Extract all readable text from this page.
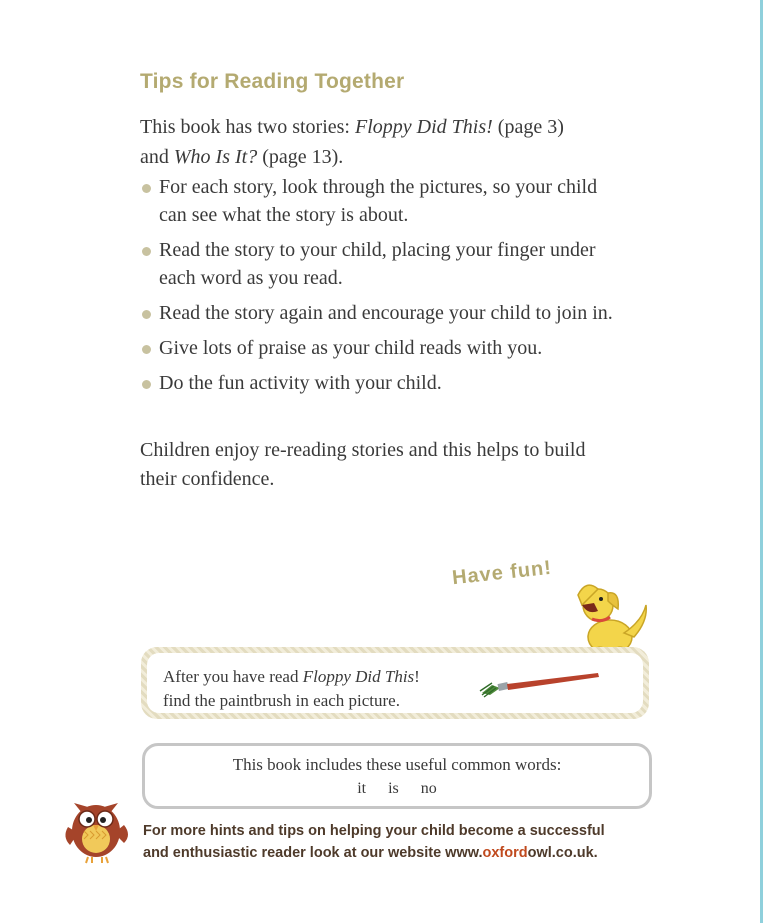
Tips for Reading Together
This book has two stories: Floppy Did This! (page 3)
and Who Is It? (page 13).
For each story, look through the pictures, so your child can see what the story is about.
Read the story to your child, placing your finger under each word as you read.
Read the story again and encourage your child to join in.
Give lots of praise as your child reads with you.
Do the fun activity with your child.
Children enjoy re-reading stories and this helps to build their confidence.
Have fun!
After you have read Floppy Did This!
find the paintbrush in each picture.
This book includes these useful common words:
it is no
For more hints and tips on helping your child become a successful
and enthusiastic reader look at our website www.oxfordowl.co.uk.
